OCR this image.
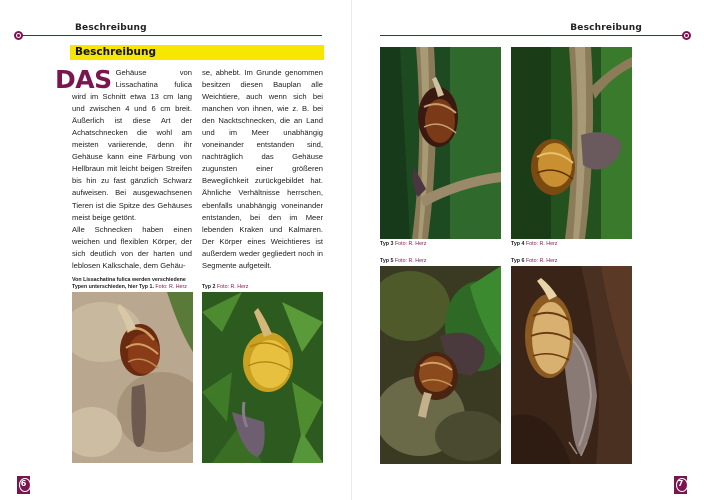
Beschreibung
Beschreibung

DAS Gehäuse von Lissachatina fulica wird im Schnitt etwa 13 cm lang und zwischen 4 und 6 cm breit. Äußerlich ist diese Art der Achatschnecken die wohl am meisten variierende, denn ihr Gehäuse kann eine Färbung von Hellbraun mit leicht beigen Streifen bis hin zu fast gänzlich Schwarz aufweisen. Bei ausgewachsenen Tieren ist die Spitze des Gehäuses meist beige getönt.

Alle Schnecken haben einen weichen und flexiblen Körper, der sich deutlich von der harten und leblosen Kalkschale, dem Gehäu-

se, abhebt. Im Grunde genommen besitzen diesen Bauplan alle Weichtiere, auch wenn sich bei manchen von ihnen, wie z. B. bei den Nacktschnecken, die an Land und im Meer unabhängig voneinander entstanden sind, nachträglich das Gehäuse zugunsten einer größeren Beweglichkeit zurückgebildet hat. Ähnliche Verhältnisse herrschen, ebenfalls unabhängig voneinander entstanden, bei den im Meer lebenden Kraken und Kalmaren. Der Körper eines Weichtieres ist außerdem weder gegliedert noch in Segmente aufgeteilt.

Von Lissachatina fulica werden verschiedene Typen unterschieden, hier Typ 1. Foto: R. Herz	Typ 2 Foto: R. Herz
6
Beschreibung
Typ 3 Foto: R. Herz	Typ 4 Foto: R. Herz
Typ 5 Foto: R. Herz	Typ 6 Foto: R. Herz
7
